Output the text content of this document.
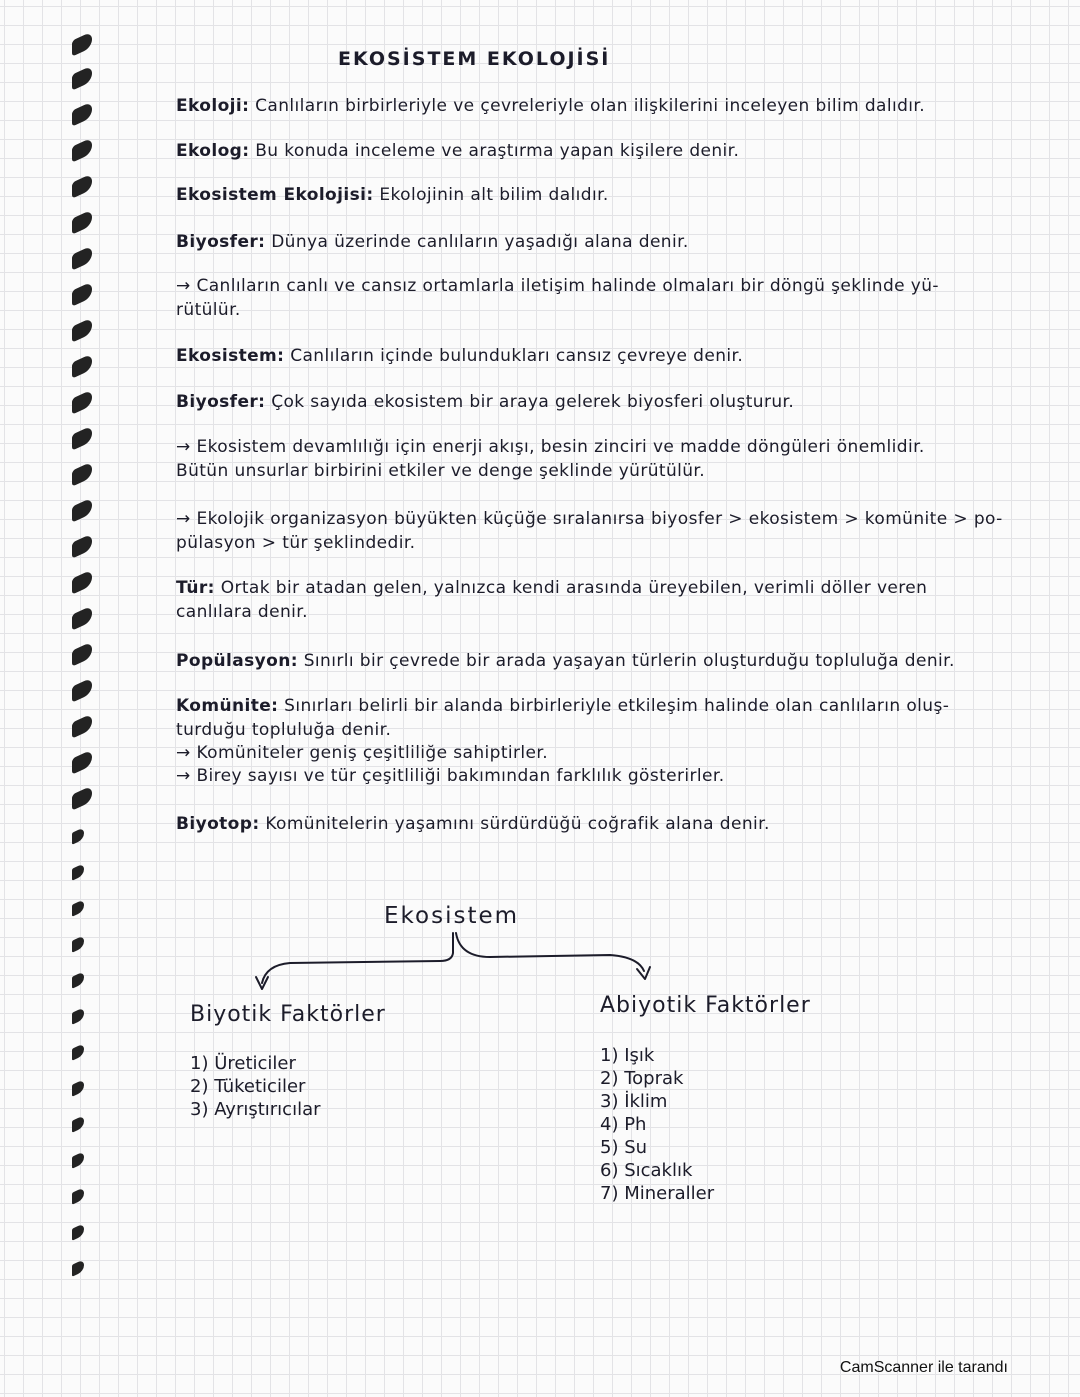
EKOSİSTEM EKOLOJİSİ

Ekoloji: Canlıların birbirleriyle ve çevreleriyle olan ilişkilerini inceleyen bilim dalıdır.

Ekolog: Bu konuda inceleme ve araştırma yapan kişilere denir.

Ekosistem Ekolojisi: Ekolojinin alt bilim dalıdır.

Biyosfer: Dünya üzerinde canlıların yaşadığı alana denir.

→ Canlıların canlı ve cansız ortamlarla iletişim halinde olmaları bir döngü şeklinde yü-

rütülür.

Ekosistem: Canlıların içinde bulundukları cansız çevreye denir.

Biyosfer: Çok sayıda ekosistem bir araya gelerek biyosferi oluşturur.

→ Ekosistem devamlılığı için enerji akışı, besin zinciri ve madde döngüleri önemlidir.

Bütün unsurlar birbirini etkiler ve denge şeklinde yürütülür.

→ Ekolojik organizasyon büyükten küçüğe sıralanırsa biyosfer > ekosistem > komünite > po-

pülasyon > tür şeklindedir.

Tür: Ortak bir atadan gelen, yalnızca kendi arasında üreyebilen, verimli döller veren

canlılara denir.

Popülasyon: Sınırlı bir çevrede bir arada yaşayan türlerin oluşturduğu topluluğa denir.

Komünite: Sınırları belirli bir alanda birbirleriyle etkileşim halinde olan canlıların oluş-

turduğu topluluğa denir.

→ Komüniteler geniş çeşitliliğe sahiptirler.

→ Birey sayısı ve tür çeşitliliği bakımından farklılık gösterirler.

Biyotop: Komünitelerin yaşamını sürdürdüğü coğrafik alana denir.

Ekosistem

Biyotik Faktörler

1) Üreticiler
2) Tüketiciler
3) Ayrıştırıcılar

Abiyotik Faktörler

1) Işık
2) Toprak
3) İklim
4) Ph
5) Su
6) Sıcaklık
7) Mineraller

CamScanner ile tarandı
